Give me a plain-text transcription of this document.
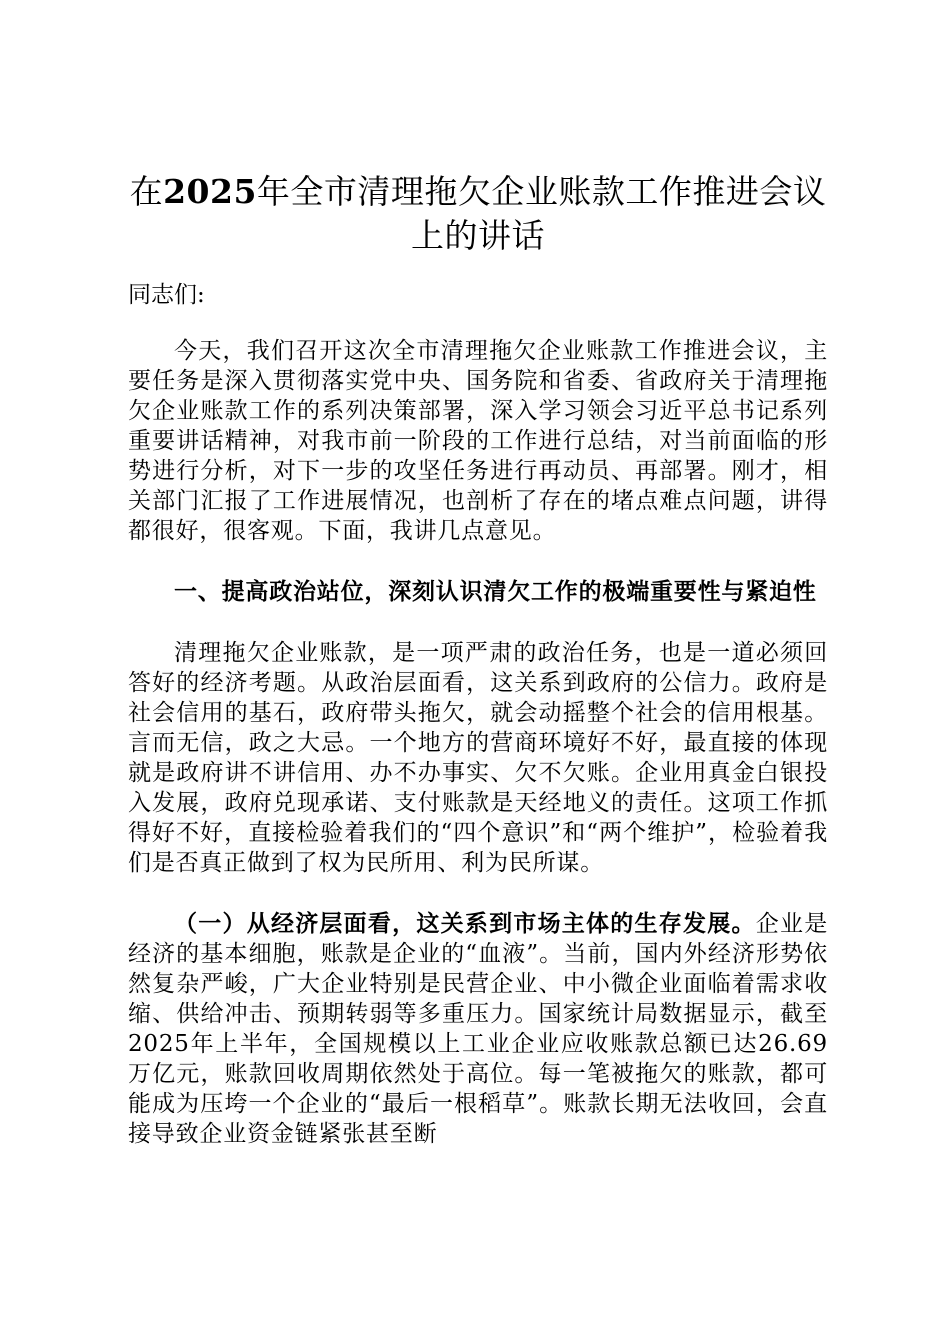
在2025年全市清理拖欠企业账款工作推进会议上的讲话

同志们:

今天，我们召开这次全市清理拖欠企业账款工作推进会议，主要任务是深入贯彻落实党中央、国务院和省委、省政府关于清理拖欠企业账款工作的系列决策部署，深入学习领会习近平总书记系列重要讲话精神，对我市前一阶段的工作进行总结，对当前面临的形势进行分析，对下一步的攻坚任务进行再动员、再部署。刚才，相关部门汇报了工作进展情况，也剖析了存在的堵点难点问题，讲得都很好，很客观。下面，我讲几点意见。

一、提高政治站位，深刻认识清欠工作的极端重要性与紧迫性

清理拖欠企业账款，是一项严肃的政治任务，也是一道必须回答好的经济考题。从政治层面看，这关系到政府的公信力。政府是社会信用的基石，政府带头拖欠，就会动摇整个社会的信用根基。言而无信，政之大忌。一个地方的营商环境好不好，最直接的体现就是政府讲不讲信用、办不办事实、欠不欠账。企业用真金白银投入发展，政府兑现承诺、支付账款是天经地义的责任。这项工作抓得好不好，直接检验着我们的“四个意识”和“两个维护”，检验着我们是否真正做到了权为民所用、利为民所谋。

（一）从经济层面看，这关系到市场主体的生存发展。企业是经济的基本细胞，账款是企业的“血液”。当前，国内外经济形势依然复杂严峻，广大企业特别是民营企业、中小微企业面临着需求收缩、供给冲击、预期转弱等多重压力。国家统计局数据显示，截至2025年上半年，全国规模以上工业企业应收账款总额已达26.69万亿元，账款回收周期依然处于高位。每一笔被拖欠的账款，都可能成为压垮一个企业的“最后一根稻草”。账款长期无法收回，会直接导致企业资金链紧张甚至断
